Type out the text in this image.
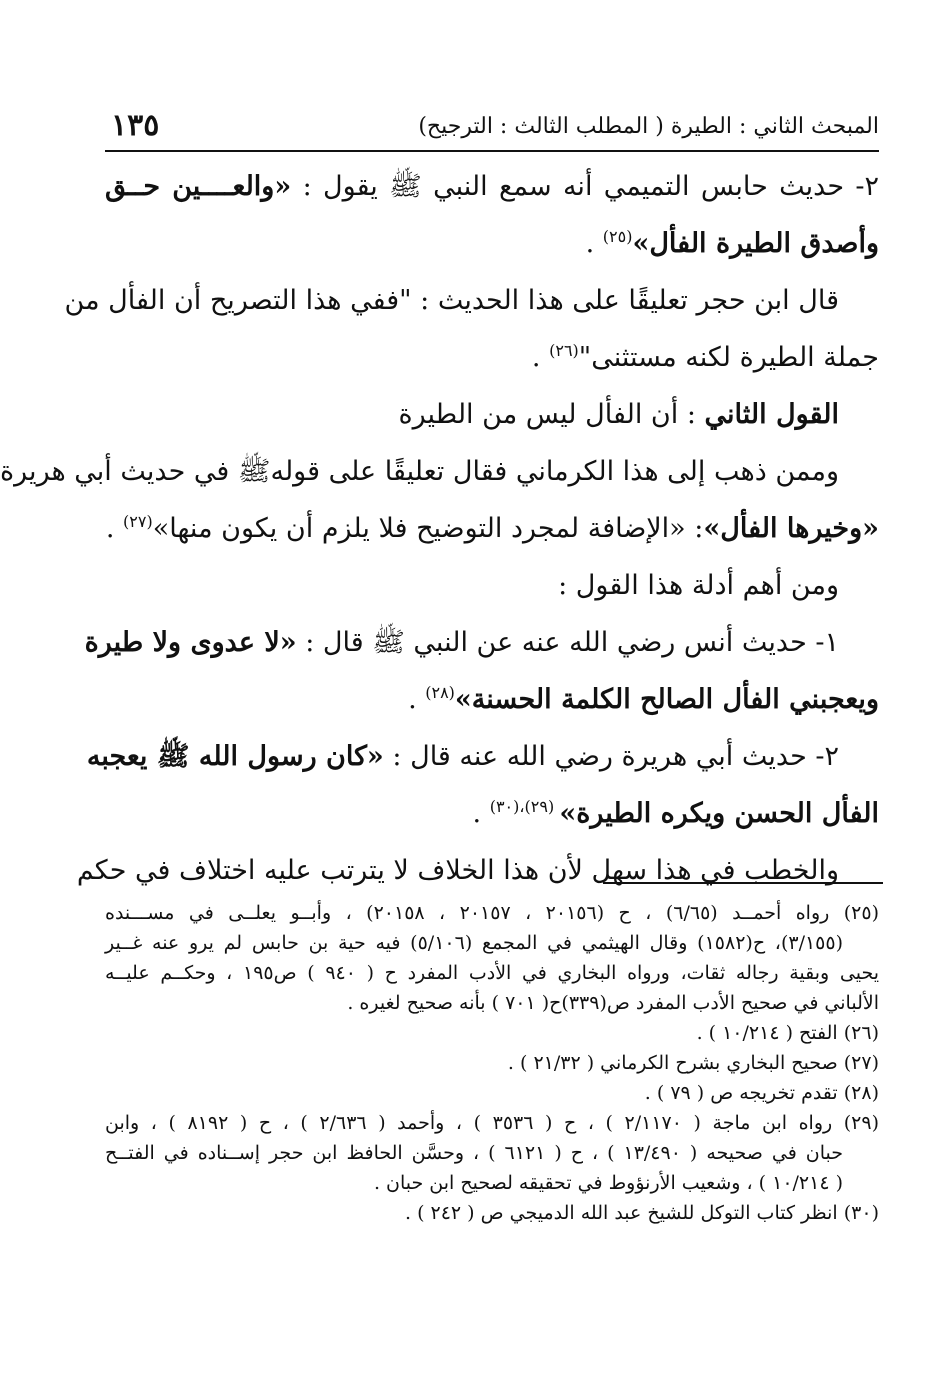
المبحث الثاني : الطيرة ( المطلب الثالث : الترجيح)
١٣٥
٢- حديث حابس التميمي أنه سمع النبي ﷺ يقول : «والعــــين حــق
وأصدق الطيرة الفأل»$^{(٢٥)}$ .
قال ابن حجر تعليقًا على هذا الحديث : "ففي هذا التصريح أن الفأل من
جملة الطيرة لكنه مستثنى"$^{(٢٦)}$ .
القول الثاني : أن الفأل ليس من الطيرة
وممن ذهب إلى هذا الكرماني فقال تعليقًا على قولهﷺ في حديث أبي هريرة
«وخيرها الفأل»: «الإضافة لمجرد التوضيح فلا يلزم أن يكون منها»$^{(٢٧)}$ .
ومن أهم أدلة هذا القول :
١- حديث أنس رضي الله عنه عن النبي ﷺ قال : «لا عدوى ولا طيرة
ويعجبني الفأل الصالح الكلمة الحسنة»$^{(٢٨)}$ .
٢- حديث أبي هريرة رضي الله عنه قال : «كان رسول الله ﷺ يعجبه
الفأل الحسن ويكره الطيرة» $^{(٢٩)،(٣٠)}$ .
والخطب في هذا سهل لأن هذا الخلاف لا يترتب عليه اختلاف في حكم
(٢٥) رواه أحمــد (٦/٦٥) ، ح (٢٠١٥٦ ، ٢٠١٥٧ ، ٢٠١٥٨) ، وأبــو يعلــى في مســـنده
(٣/١٥٥)، ح(١٥٨٢) وقال الهيثمي في المجمع (٥/١٠٦) فيه حية بن حابس لم يرو عنه غــير
يحيى وبقية رجاله ثقات، ورواه البخاري في الأدب المفرد ح ( ٩٤٠ ) ص١٩٥ ، وحكــم عليــه
الألباني في صحيح الأدب المفرد ص(٣٣٩)ح( ٧٠١ ) بأنه صحيح لغيره .
(٢٦) الفتح ( ١٠/٢١٤ ) .
(٢٧) صحيح البخاري بشرح الكرماني ( ٢١/٣٢ ) .
(٢٨) تقدم تخريجه ص ( ٧٩ ) .
(٢٩) رواه ابن ماجة ( ٢/١١٧٠ ) ، ح ( ٣٥٣٦ ) ، وأحمد ( ٢/٦٣٦ ) ، ح ( ٨١٩٢ ) ، وابن
حبان في صحيحه ( ١٣/٤٩٠ ) ، ح ( ٦١٢١ ) ، وحسَّن الحافظ ابن حجر إســناده في الفتــح
( ١٠/٢١٤ ) ، وشعيب الأرنؤوط في تحقيقه لصحيح ابن حبان .
(٣٠) انظر كتاب التوكل للشيخ عبد الله الدميجي ص ( ٢٤٢ ) .
